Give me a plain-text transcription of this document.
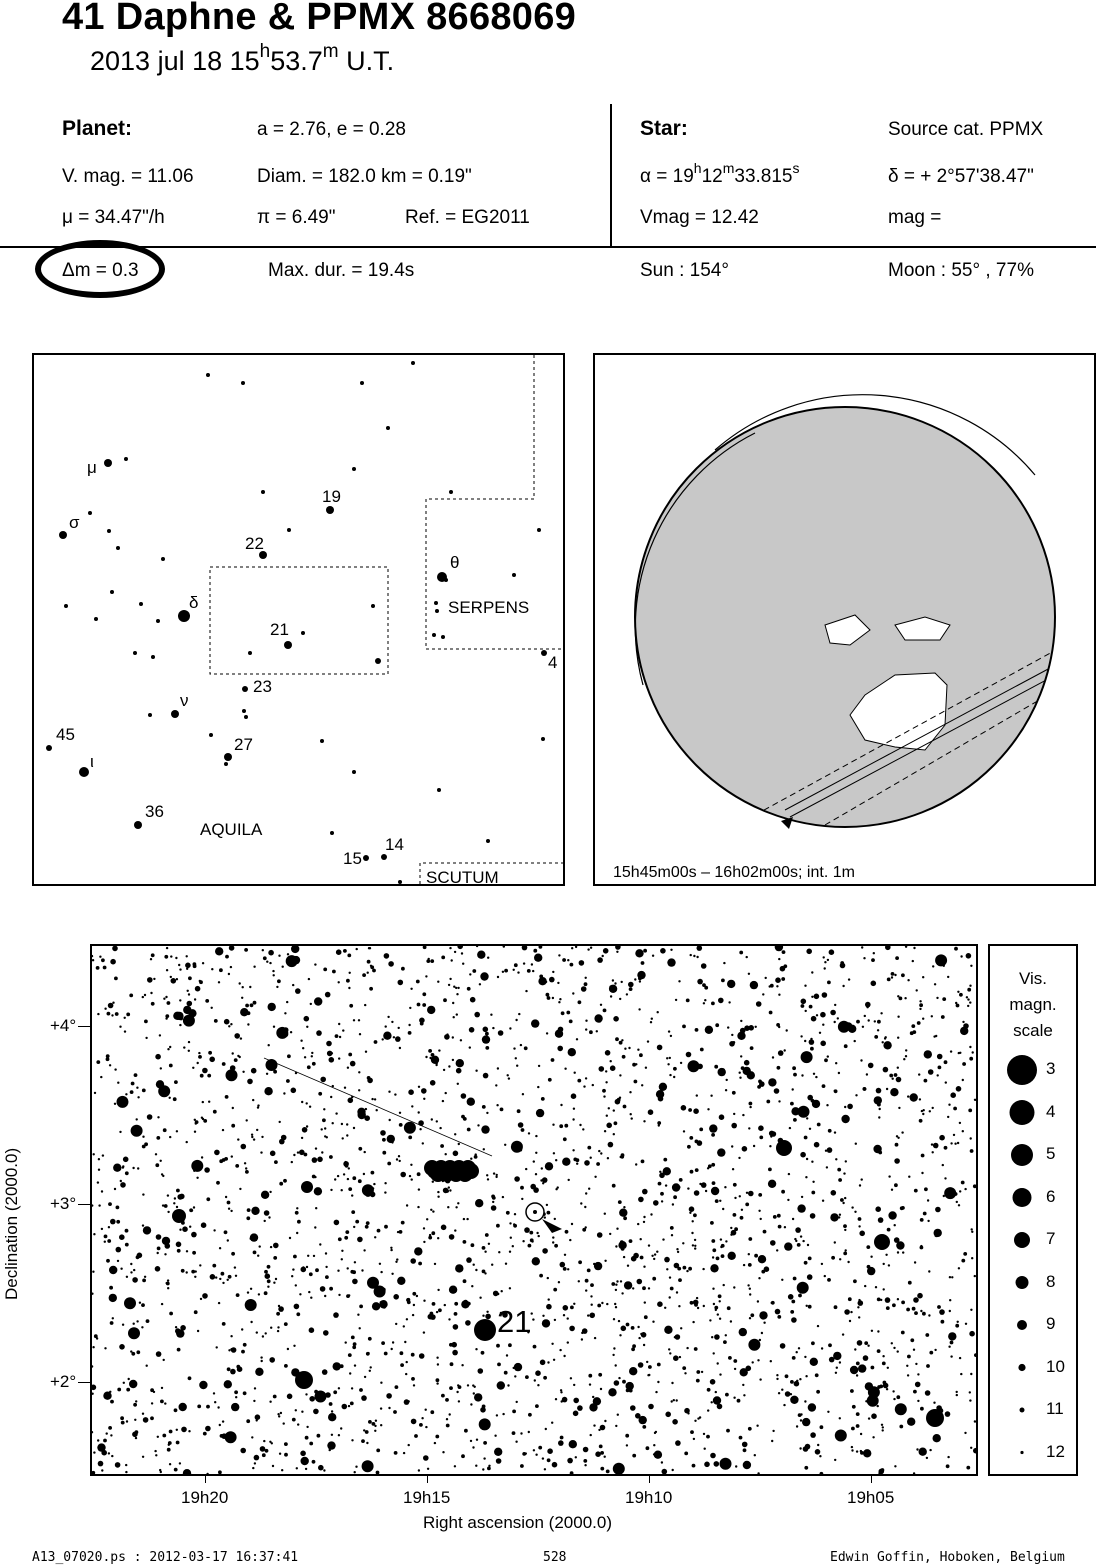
41 Daphne & PPMX 8668069
2013 jul 18 15$^h$53.7$^m$ U.T.
Planet:	a = 2.76, e = 0.28
V. mag. = 11.06	Diam. = 182.0 km = 0.19"
μ = 34.47"/h	π = 6.49"	Ref. = EG2011
Star:	Source cat. PPMX
$\alpha = 19^h12^m33.815^s$	δ = + 2°57'38.47"
Vmag = 12.42	mag =
Δm = 0.3	Max. dur. = 19.4s	Sun : 154°	Moon : 55° , 77%
μ
σ
δ
ν
ι
θ
19
22
21
23
27
45
36
15
14
4
SERPENS
AQUILA
SCUTUM	15h45m00s – 16h02m00s; int. 1m
21
+4°
+3°
+2°
19h20	19h15	19h10	19h05
Right ascension (2000.0)
Declination (2000.0)
Vis.
magn.
scale
3
4
5
6
7
8
9
10
11
12
A13_07020.ps : 2012-03-17 16:37:41	528	Edwin Goffin, Hoboken, Belgium
